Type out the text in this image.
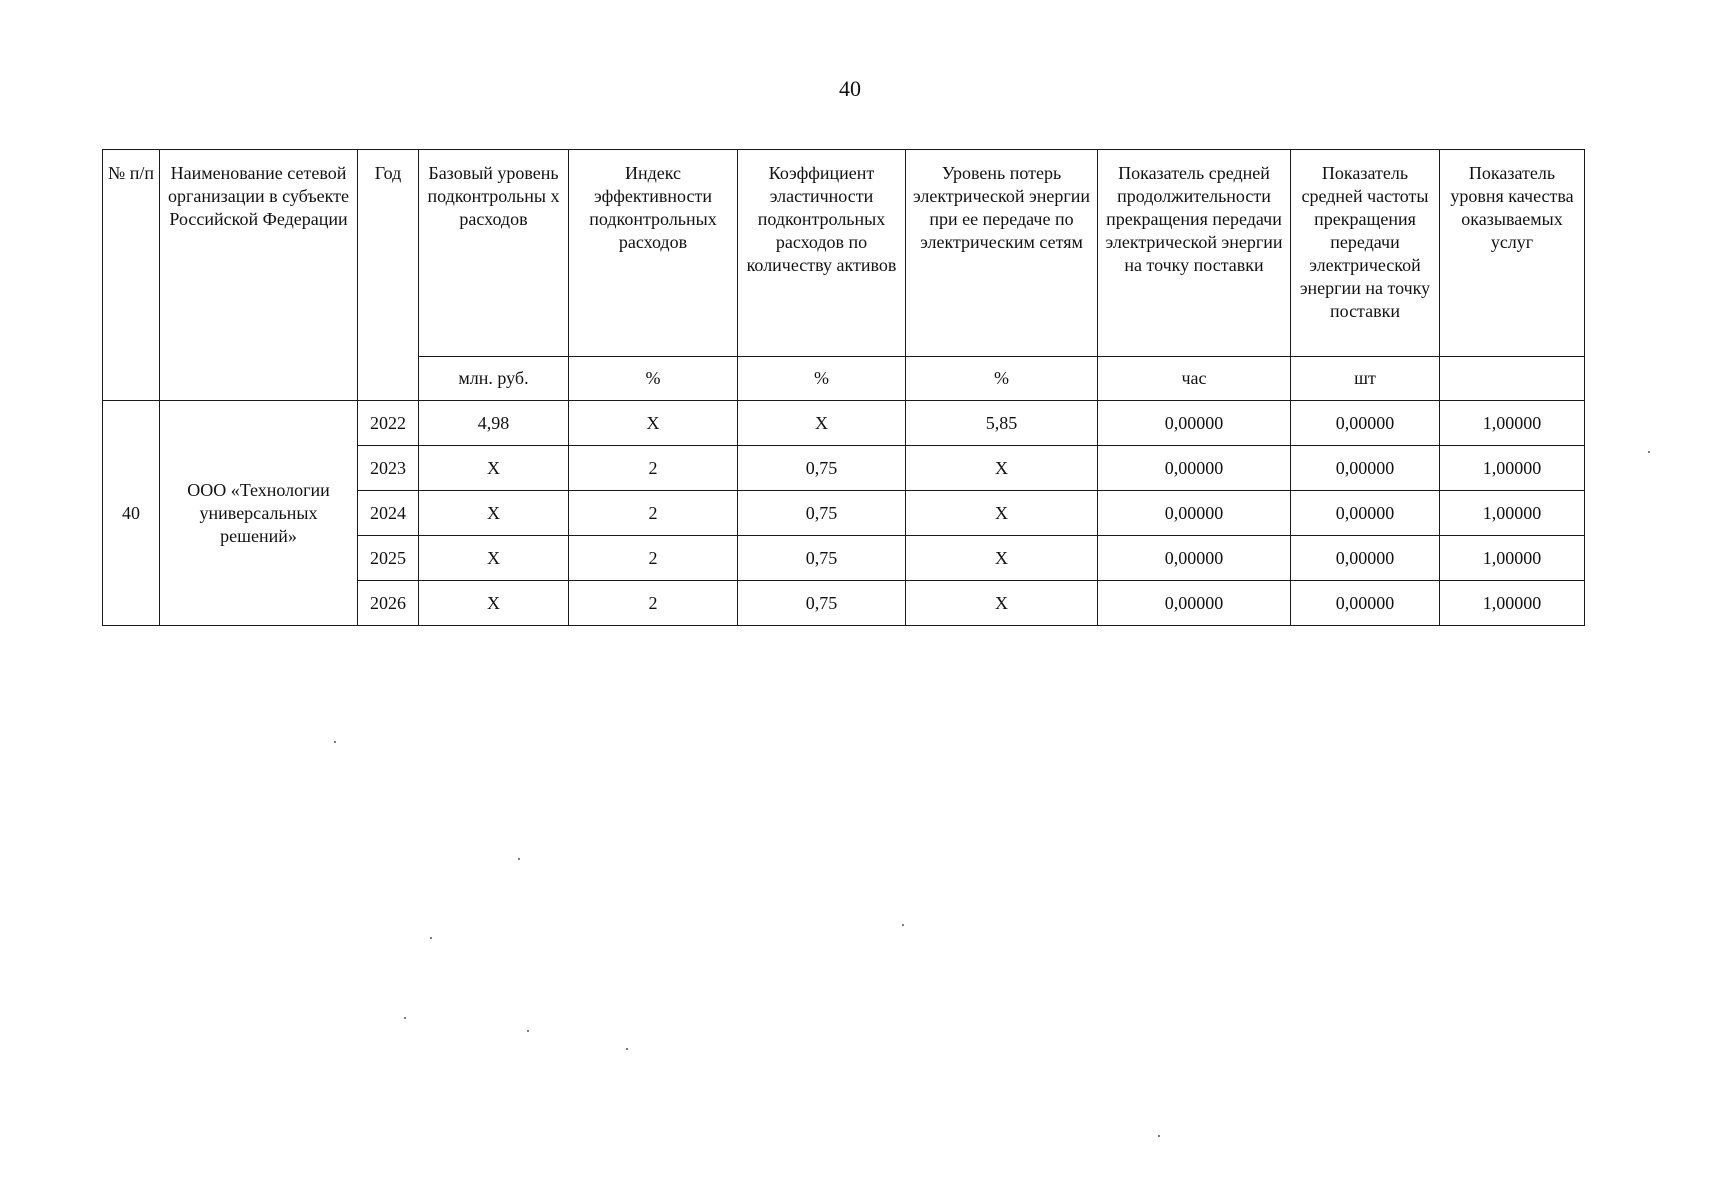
40
№ п/п	Наименование сетевой организации в субъекте Российской Федерации	Год	Базовый уровень подконтрольны х расходов	Индекс эффективности подконтрольных расходов	Коэффициент эластичности подконтрольных расходов по количеству активов	Уровень потерь электрической энергии при ее передаче по электрическим сетям	Показатель средней продолжительности прекращения передачи электрической энергии на точку поставки	Показатель средней частоты прекращения передачи электрической энергии на точку поставки	Показатель уровня качества оказываемых услуг
			млн. руб.	%	%	%	час	шт	
40	ООО «Технологии универсальных решений»	2022	4,98	X	X	5,85	0,00000	0,00000	1,00000
		2023	X	2	0,75	X	0,00000	0,00000	1,00000
		2024	X	2	0,75	X	0,00000	0,00000	1,00000
		2025	X	2	0,75	X	0,00000	0,00000	1,00000
		2026	X	2	0,75	X	0,00000	0,00000	1,00000
